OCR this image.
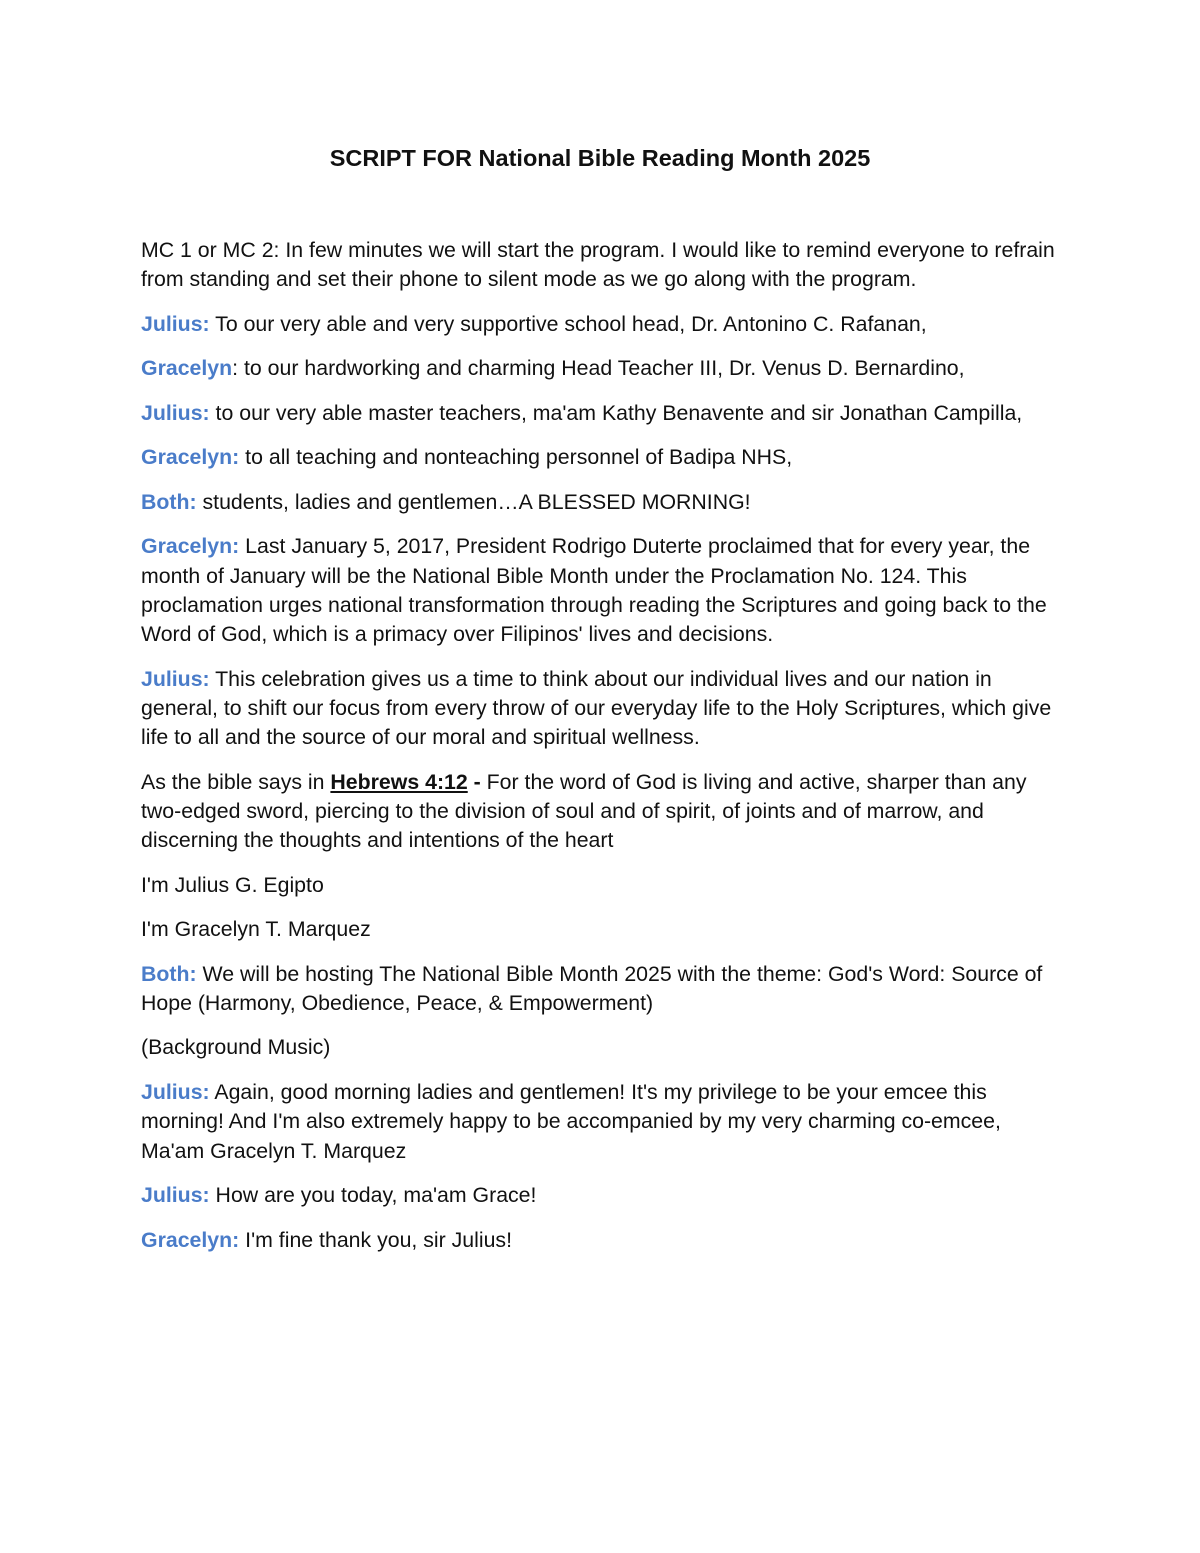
SCRIPT FOR National Bible Reading Month 2025

MC 1 or MC 2: In few minutes we will start the program. I would like to remind everyone to refrain from standing and set their phone to silent mode as we go along with the program.

Julius: To our very able and very supportive school head, Dr. Antonino C. Rafanan,

Gracelyn: to our hardworking and charming Head Teacher III, Dr. Venus D. Bernardino,

Julius: to our very able master teachers, ma'am Kathy Benavente and sir Jonathan Campilla,

Gracelyn: to all teaching and nonteaching personnel of Badipa NHS,

Both: students, ladies and gentlemen…A BLESSED MORNING!

Gracelyn: Last January 5, 2017, President Rodrigo Duterte proclaimed that for every year, the month of January will be the National Bible Month under the Proclamation No. 124. This proclamation urges national transformation through reading the Scriptures and going back to the Word of God, which is a primacy over Filipinos' lives and decisions.

Julius: This celebration gives us a time to think about our individual lives and our nation in general, to shift our focus from every throw of our everyday life to the Holy Scriptures, which give life to all and the source of our moral and spiritual wellness.

As the bible says in Hebrews 4:12 - For the word of God is living and active, sharper than any two-edged sword, piercing to the division of soul and of spirit, of joints and of marrow, and discerning the thoughts and intentions of the heart

I'm Julius G. Egipto

I'm Gracelyn T. Marquez

Both: We will be hosting The National Bible Month 2025 with the theme: God's Word: Source of Hope (Harmony, Obedience, Peace, & Empowerment)

(Background Music)

Julius: Again, good morning ladies and gentlemen! It's my privilege to be your emcee this morning! And I'm also extremely happy to be accompanied by my very charming co-emcee, Ma'am Gracelyn T. Marquez

Julius: How are you today, ma'am Grace!

Gracelyn: I'm fine thank you, sir Julius!
